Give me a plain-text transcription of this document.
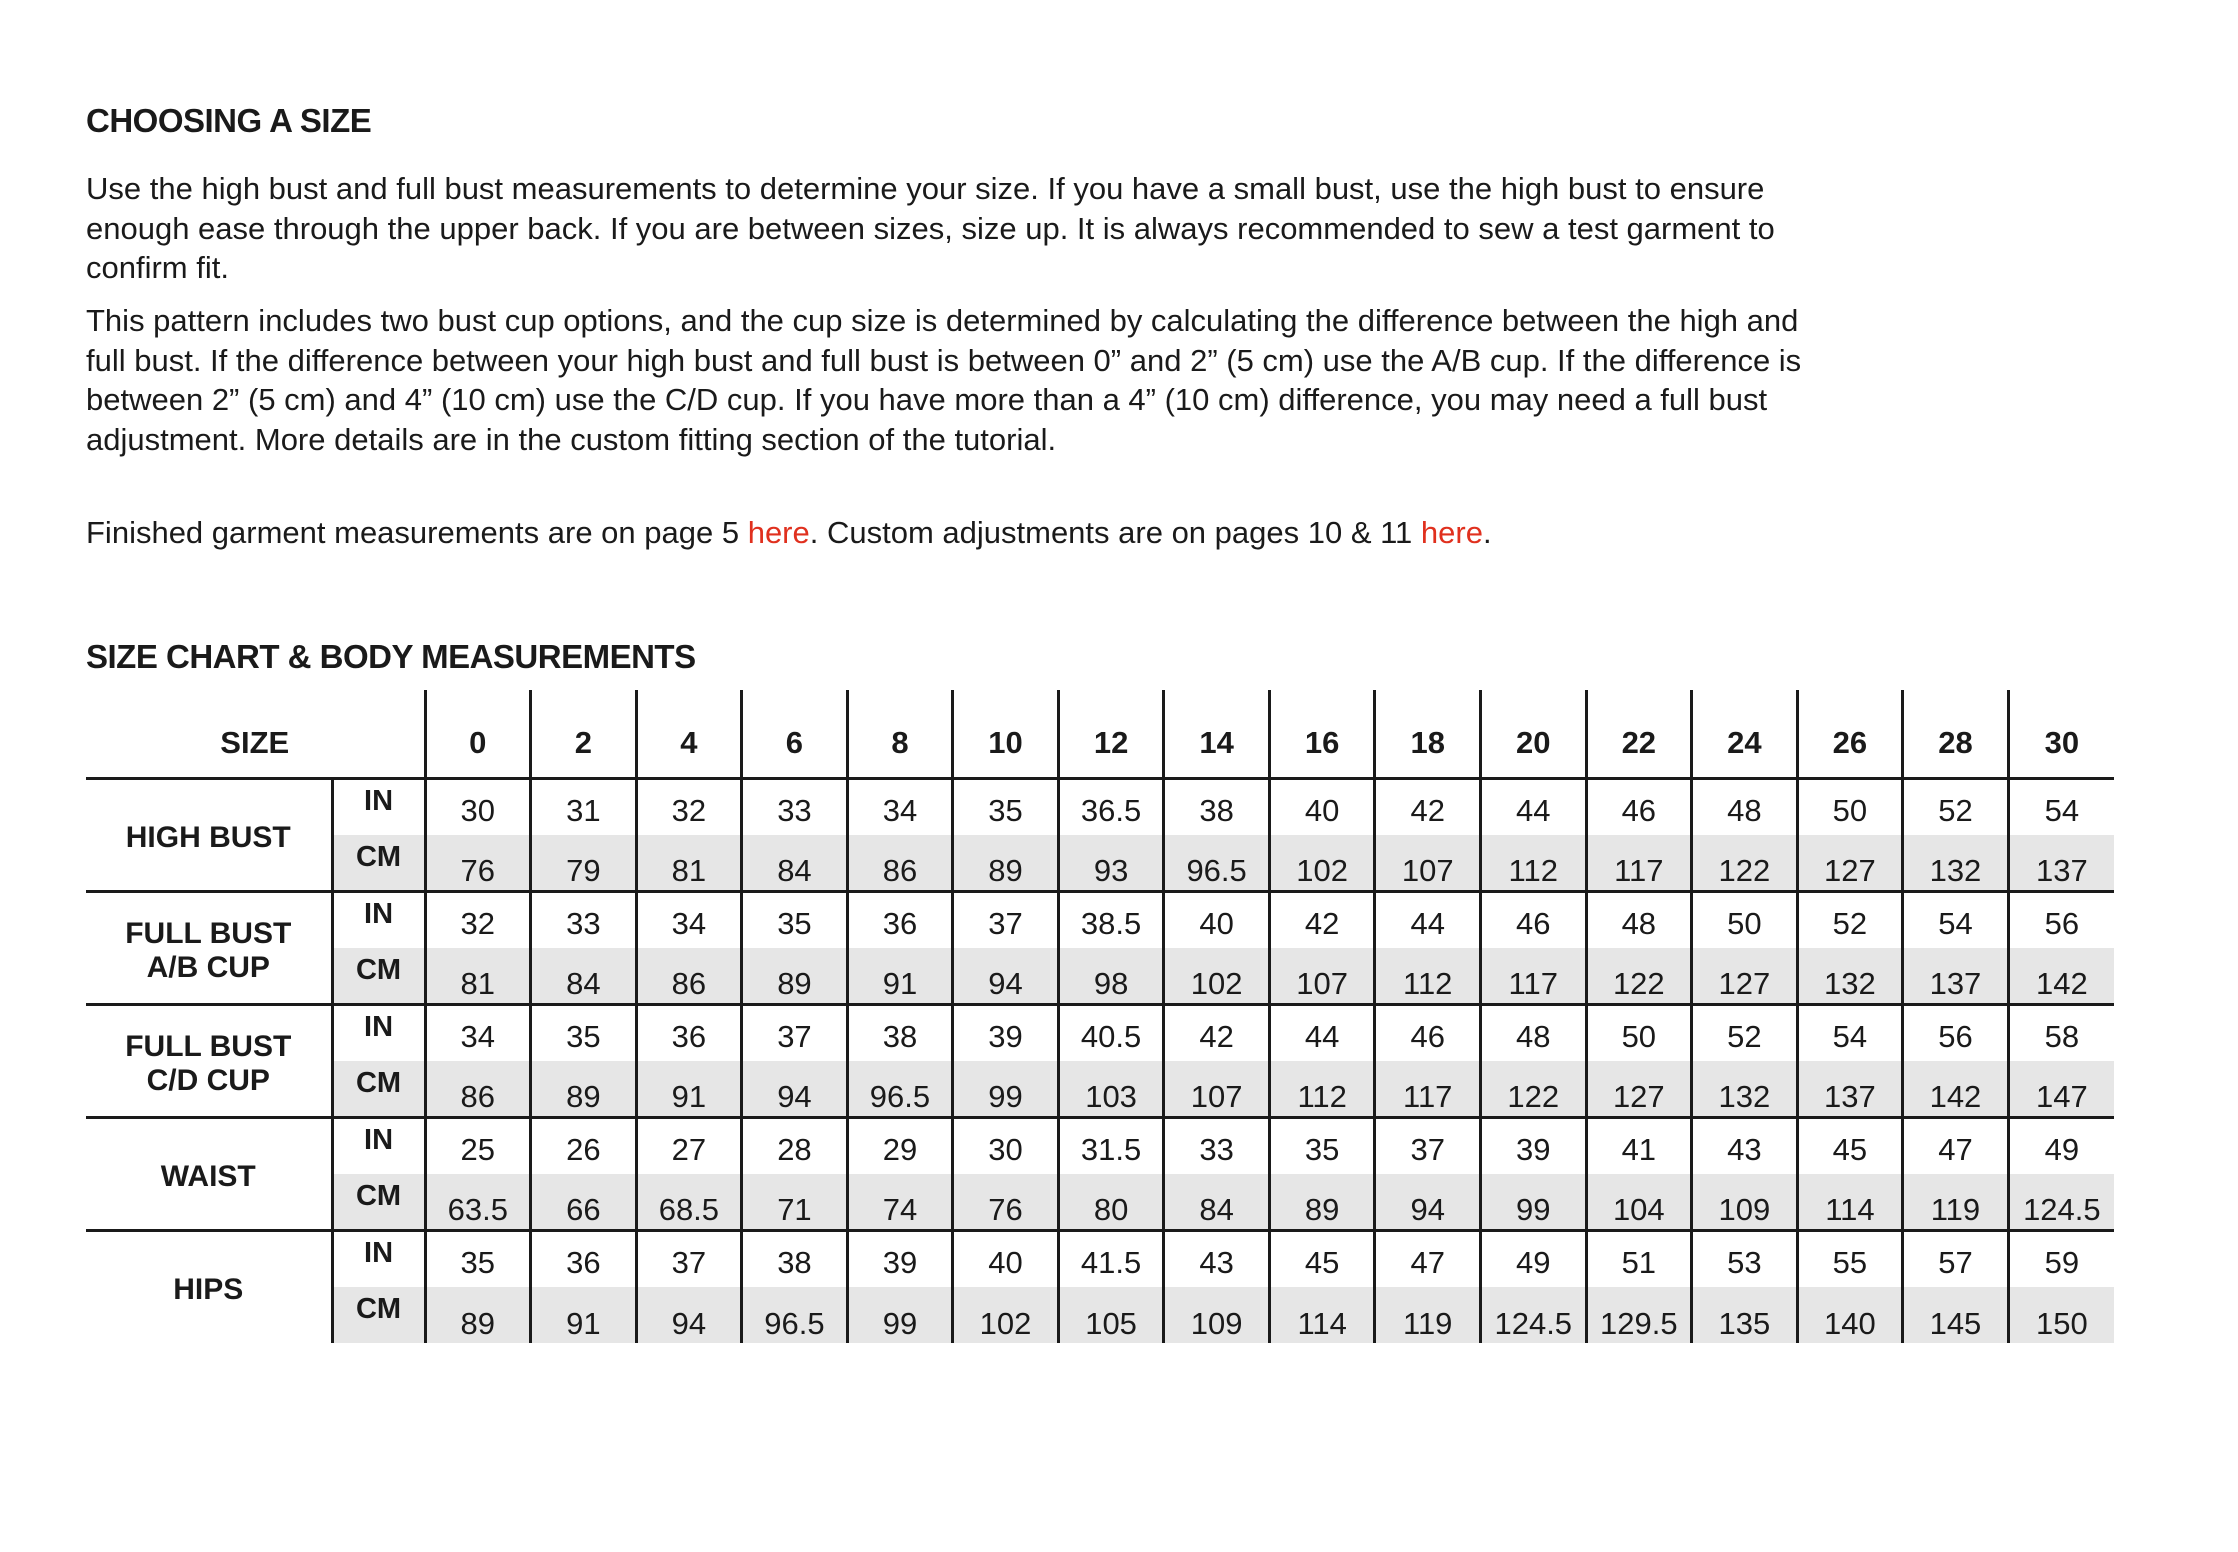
CHOOSING A SIZE

Use the high bust and full bust measurements to determine your size. If you have a small bust, use the high bust to ensure enough ease through the upper back. If you are between sizes, size up. It is always recommended to sew a test garment to confirm fit.

This pattern includes two bust cup options, and the cup size is determined by calculating the difference between the high and full bust. If the difference between your high bust and full bust is between 0” and 2” (5 cm) use the A/B cup. If the difference is between 2” (5 cm) and 4” (10 cm) use the C/D cup. If you have more than a 4” (10 cm) difference, you may need a full bust adjustment. More details are in the custom fitting section of the tutorial.

Finished garment measurements are on page 5 here. Custom adjustments are on pages 10 & 11 here.

SIZE CHART & BODY MEASUREMENTS
SIZE		0	2	4	6	8	10	12	14	16	18	20	22	24	26	28	30

HIGH BUST	IN	30	31	32	33	34	35	36.5	38	40	42	44	46	48	50	52	54
	CM	76	79	81	84	86	89	93	96.5	102	107	112	117	122	127	132	137

FULL BUST
A/B CUP	IN	32	33	34	35	36	37	38.5	40	42	44	46	48	50	52	54	56
	CM	81	84	86	89	91	94	98	102	107	112	117	122	127	132	137	142

FULL BUST
C/D CUP	IN	34	35	36	37	38	39	40.5	42	44	46	48	50	52	54	56	58
	CM	86	89	91	94	96.5	99	103	107	112	117	122	127	132	137	142	147

WAIST	IN	25	26	27	28	29	30	31.5	33	35	37	39	41	43	45	47	49
	CM	63.5	66	68.5	71	74	76	80	84	89	94	99	104	109	114	119	124.5

HIPS	IN	35	36	37	38	39	40	41.5	43	45	47	49	51	53	55	57	59
	CM	89	91	94	96.5	99	102	105	109	114	119	124.5	129.5	135	140	145	150
